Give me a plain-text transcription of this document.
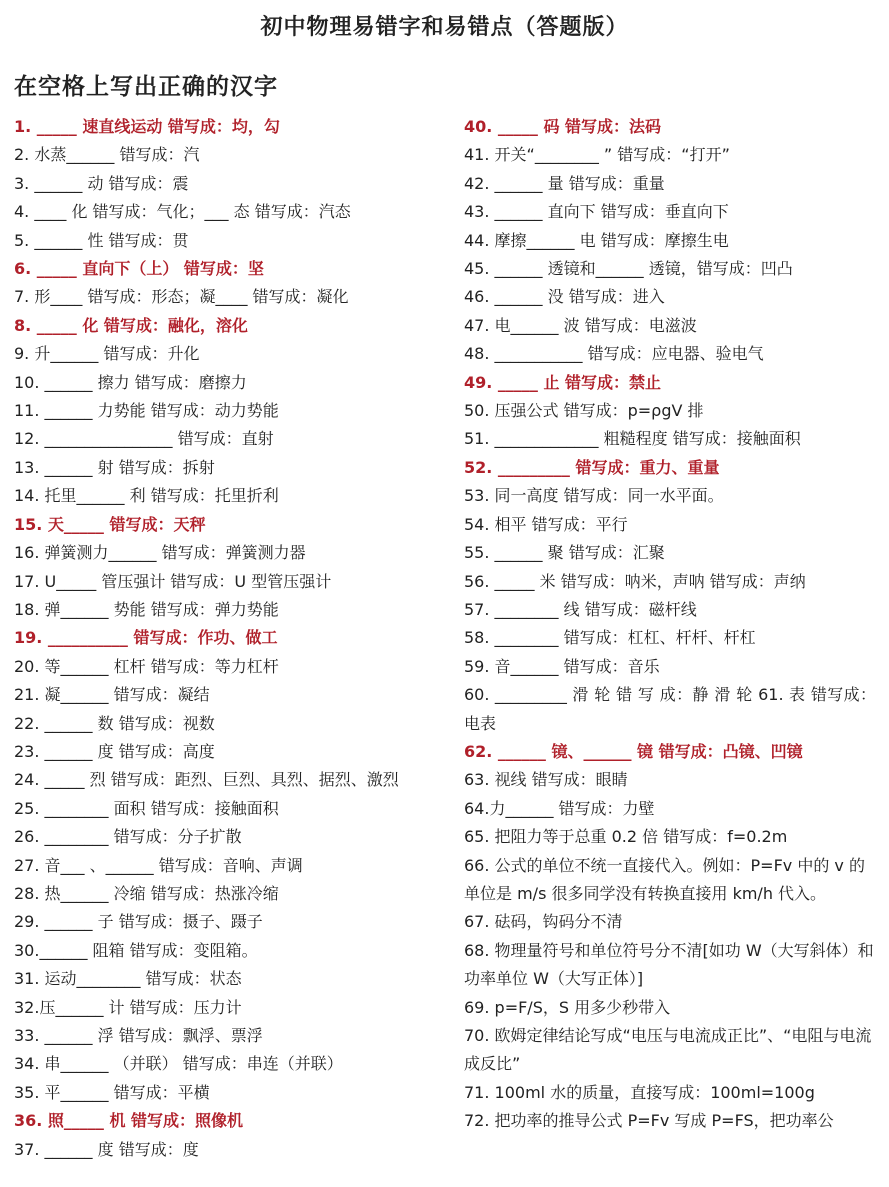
初中物理易错字和易错点（答题版）
在空格上写出正确的汉字
1. _____ 速直线运动 错写成：均，勾
2. 水蒸______ 错写成：汽
3. ______ 动 错写成：震
4. ____ 化 错写成：气化；___ 态 错写成：汽态
5. ______ 性 错写成：贯
6. _____ 直向下（上） 错写成：坚
7. 形____ 错写成：形态；凝____ 错写成：凝化
8. _____ 化 错写成：融化，溶化
9. 升______ 错写成：升化
10. ______ 擦力 错写成：磨擦力
11. ______ 力势能 错写成：动力势能
12. ________________ 错写成：直射
13. ______ 射 错写成：拆射
14. 托里______ 利 错写成：托里折利
15. 天_____ 错写成：天秤
16. 弹簧测力______ 错写成：弹簧测力器
17. U_____ 管压强计 错写成：U 型管压强计
18. 弹______ 势能 错写成：弹力势能
19. __________ 错写成：作功、做工
20. 等______ 杠杆 错写成：等力杠杆
21. 凝______ 错写成：凝结
22. ______ 数 错写成：视数
23. ______ 度 错写成：高度
24. _____ 烈 错写成：距烈、巨烈、具烈、据烈、激烈
25. ________ 面积 错写成：接触面积
26. ________ 错写成：分子扩散
27. 音___ 、______ 错写成：音响、声调
28. 热______ 冷缩 错写成：热涨冷缩
29. ______ 子 错写成：摄子、蹑子
30.______ 阻箱 错写成：变阻箱。
31. 运动________ 错写成：状态
32.压______ 计 错写成：压力计
33. ______ 浮 错写成：飘浮、票浮
34. 串______ （并联） 错写成：串连（并联）
35. 平______ 错写成：平横
36. 照_____ 机 错写成：照像机
37. ______ 度 错写成：度
40. _____ 码 错写成：法码
41. 开关“________ ” 错写成：“打开”
42. ______ 量 错写成：重量
43. ______ 直向下 错写成：垂直向下
44. 摩擦______ 电 错写成：摩擦生电
45. ______ 透镜和______ 透镜，错写成：凹凸
46. ______ 没 错写成：进入
47. 电______ 波 错写成：电滋波
48. ___________ 错写成：应电器、验电气
49. _____ 止 错写成：禁止
50. 压强公式 错写成：p=ρgV 排
51. _____________ 粗糙程度 错写成：接触面积
52. _________ 错写成：重力、重量
53. 同一高度 错写成：同一水平面。
54. 相平 错写成：平行
55. ______ 聚 错写成：汇聚
56. _____ 米 错写成：呐米，声呐 错写成：声纳
57. ________ 线 错写成：磁杆线
58. ________ 错写成：杠杠、杆杆、杆杠
59. 音______ 错写成：音乐
60. _________ 滑 轮 错 写 成：静 滑 轮 61. 表 错写成：电表
62. ______ 镜、______ 镜 错写成：凸镜、凹镜
63. 视线 错写成：眼睛
64.力______ 错写成：力壁
65. 把阻力等于总重 0.2 倍 错写成：f=0.2m
66. 公式的单位不统一直接代入。例如：P=Fv 中的 v 的单位是 m/s 很多同学没有转换直接用 km/h 代入。
67. 砝码，钩码分不清
68. 物理量符号和单位符号分不清[如功 W（大写斜体）和功率单位 W（大写正体）]
69. p=F/S，S 用多少秒带入
70. 欧姆定律结论写成“电压与电流成正比”、“电阻与电流成反比”
71. 100ml 水的质量，直接写成：100ml=100g
72. 把功率的推导公式 P=Fv 写成 P=FS，把功率公
